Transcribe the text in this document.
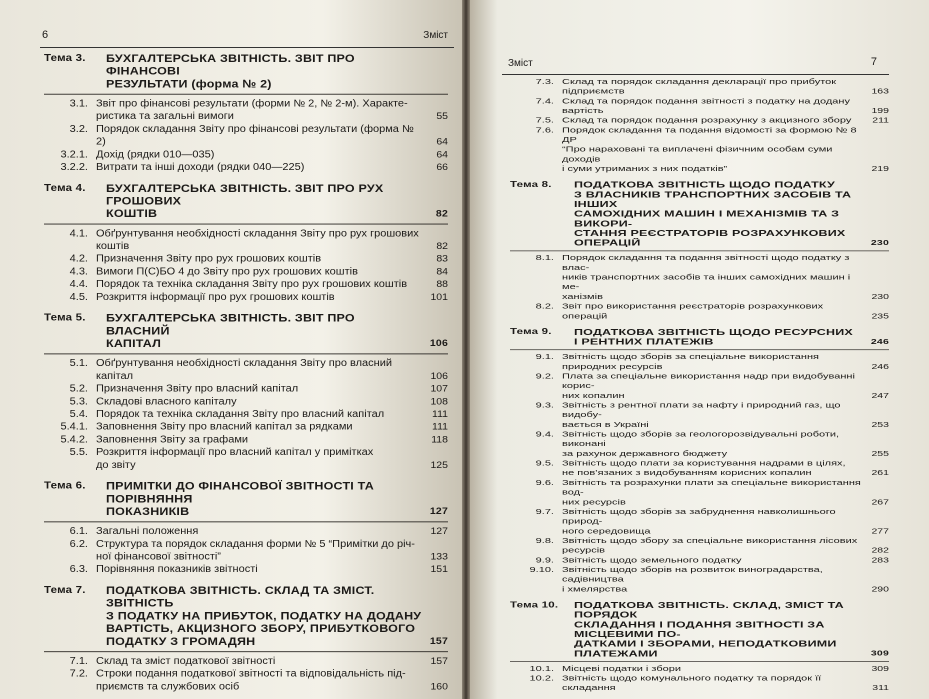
6	Зміст
Тема 3. БУХГАЛТЕРСЬКА ЗВІТНІСТЬ. ЗВІТ ПРО ФІНАНСОВІ
РЕЗУЛЬТАТИ (форма № 2)
3.1. Звіт про фінансові результати (форми № 2, № 2-м). Характе-
ристика та загальні вимоги	55
3.2. Порядок складання Звіту про фінансові результати (форма № 2)	64
3.2.1. Дохід (рядки 010—035)	64
3.2.2. Витрати та інші доходи (рядки 040—225)	66
Тема 4. БУХГАЛТЕРСЬКА ЗВІТНІСТЬ. ЗВІТ ПРО РУХ ГРОШОВИХ
КОШТІВ	82
4.1. Обґрунтування необхідності складання Звіту про рух грошових
коштів	82
4.2. Призначення Звіту про рух грошових коштів	83
4.3. Вимоги П(С)БО 4 до Звіту про рух грошових коштів	84
4.4. Порядок та техніка складання Звіту про рух грошових коштів	88
4.5. Розкриття інформації про рух грошових коштів	101
Тема 5. БУХГАЛТЕРСЬКА ЗВІТНІСТЬ. ЗВІТ ПРО ВЛАСНИЙ
КАПІТАЛ	106
5.1. Обґрунтування необхідності складання Звіту про власний
капітал	106
5.2. Призначення Звіту про власний капітал	107
5.3. Складові власного капіталу	108
5.4. Порядок та техніка складання Звіту про власний капітал	111
5.4.1. Заповнення Звіту про власний капітал за рядками	111
5.4.2. Заповнення Звіту за графами	118
5.5. Розкриття інформації про власний капітал у примітках
до звіту	125
Тема 6. ПРИМІТКИ ДО ФІНАНСОВОЇ ЗВІТНОСТІ ТА ПОРІВНЯННЯ
ПОКАЗНИКІВ	127
6.1. Загальні положення	127
6.2. Структура та порядок складання форми № 5 “Примітки до річ-
ної фінансової звітності”	133
6.3. Порівняння показників звітності	151
Тема 7. ПОДАТКОВА ЗВІТНІСТЬ. СКЛАД ТА ЗМІСТ. ЗВІТНІСТЬ
З ПОДАТКУ НА ПРИБУТОК, ПОДАТКУ НА ДОДАНУ
ВАРТІСТЬ, АКЦИЗНОГО ЗБОРУ, ПРИБУТКОВОГО
ПОДАТКУ З ГРОМАДЯН	157
7.1. Склад та зміст податкової звітності	157
7.2. Строки подання податкової звітності та відповідальність під-
приємств та службових осіб	160
Зміст	7
7.3. Склад та порядок складання декларації про прибуток
підприємств	163
7.4. Склад та порядок подання звітності з податку на додану
вартість	199
7.5. Склад та порядок подання розрахунку з акцизного збору	211
7.6. Порядок складання та подання відомості за формою № 8 ДР
“Про нараховані та виплачені фізичним особам суми доходів
і суми утриманих з них податків”	219
Тема 8. ПОДАТКОВА ЗВІТНІСТЬ ЩОДО ПОДАТКУ
З ВЛАСНИКІВ ТРАНСПОРТНИХ ЗАСОБІВ ТА ІНШИХ
САМОХІДНИХ МАШИН І МЕХАНІЗМІВ ТА З ВИКОРИ-
СТАННЯ РЕЄСТРАТОРІВ РОЗРАХУНКОВИХ ОПЕРАЦІЙ	230
8.1. Порядок складання та подання звітності щодо податку з влас-
ників транспортних засобів та інших самохідних машин і ме-
ханізмів	230
8.2. Звіт про використання реєстраторів розрахункових операцій	235
Тема 9. ПОДАТКОВА ЗВІТНІСТЬ ЩОДО РЕСУРСНИХ
І РЕНТНИХ ПЛАТЕЖІВ	246
9.1. Звітність щодо зборів за спеціальне використання природних ресурсів	246
9.2. Плата за спеціальне використання надр при видобуванні корис-
них копалин	247
9.3. Звітність з рентної плати за нафту і природний газ, що видобу-
вається в Україні	253
9.4. Звітність щодо зборів за геологорозвідувальні роботи, виконані
за рахунок державного бюджету	255
9.5. Звітність щодо плати за користування надрами в цілях,
не пов’язаних з видобуванням корисних копалин	261
9.6. Звітність та розрахунки плати за спеціальне використання вод-
них ресурсів	267
9.7. Звітність щодо зборів за забруднення навколишнього природ-
ного середовища	277
9.8. Звітність щодо збору за спеціальне використання лісових ресурсів	282
9.9. Звітність щодо земельного податку	283
9.10. Звітність щодо зборів на розвиток виноградарства, садівництва
і хмелярства	290
Тема 10. ПОДАТКОВА ЗВІТНІСТЬ. СКЛАД, ЗМІСТ ТА ПОРЯДОК
СКЛАДАННЯ І ПОДАННЯ ЗВІТНОСТІ ЗА МІСЦЕВИМИ ПО-
ДАТКАМИ І ЗБОРАМИ, НЕПОДАТКОВИМИ ПЛАТЕЖАМИ	309
10.1. Місцеві податки і збори	309
10.2. Звітність щодо комунального податку та порядок її складання	311
